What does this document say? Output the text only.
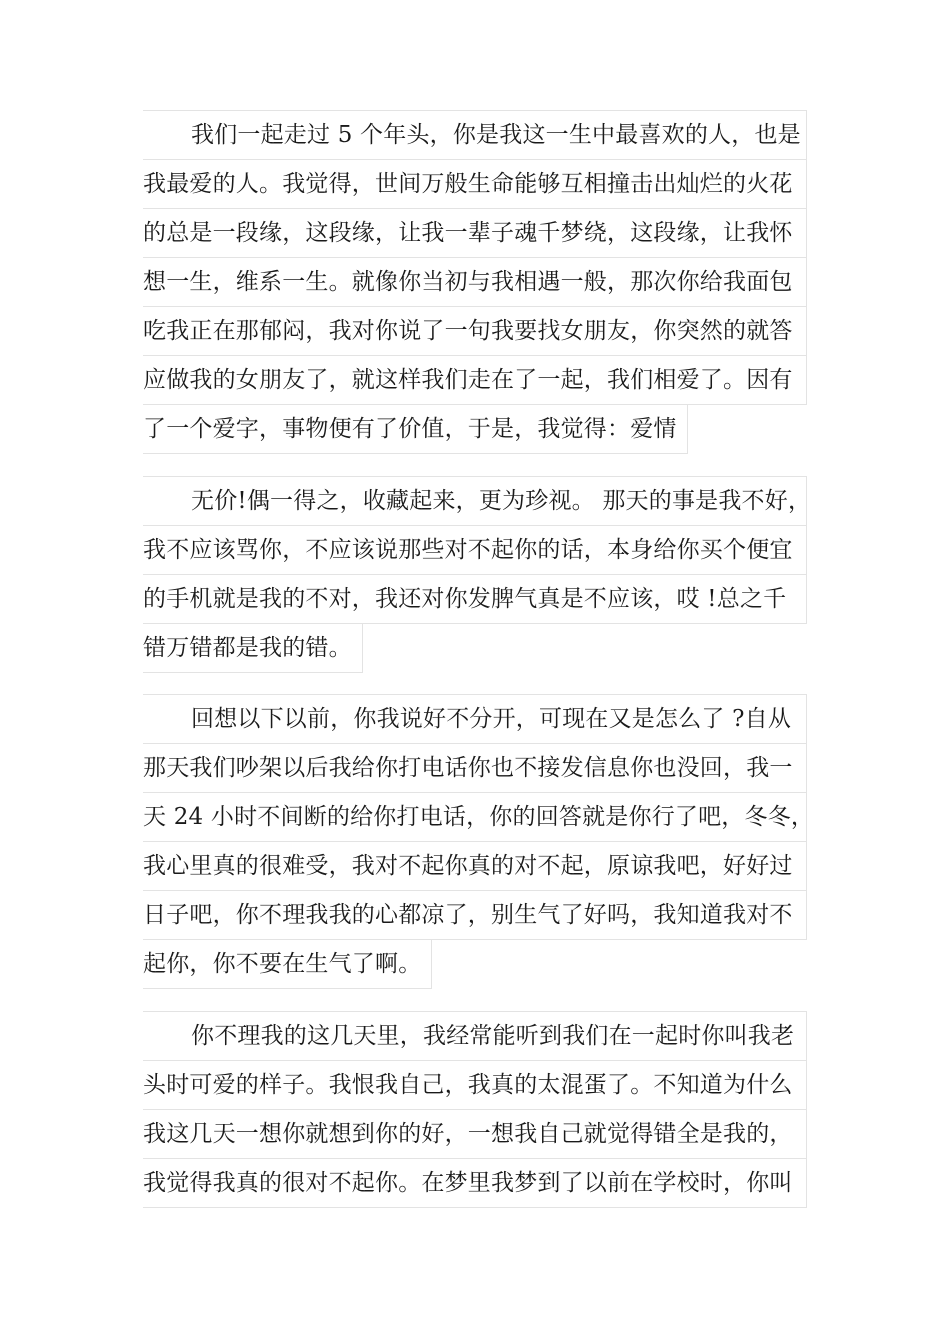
我们一起走过 5 个年头，你是我这一生中最喜欢的人，也是
我最爱的人。我觉得，世间万般生命能够互相撞击出灿烂的火花
的总是一段缘，这段缘，让我一辈子魂千梦绕，这段缘，让我怀
想一生，维系一生。就像你当初与我相遇一般，那次你给我面包
吃我正在那郁闷，我对你说了一句我要找女朋友，你突然的就答
应做我的女朋友了，就这样我们走在了一起，我们相爱了。因有
了一个爱字，事物便有了价值，于是，我觉得：爱情
无价!偶一得之，收藏起来，更为珍视。 那天的事是我不好，
我不应该骂你，不应该说那些对不起你的话，本身给你买个便宜
的手机就是我的不对，我还对你发脾气真是不应该，哎 !总之千
错万错都是我的错。
回想以下以前，你我说好不分开，可现在又是怎么了 ?自从
那天我们吵架以后我给你打电话你也不接发信息你也没回，我一
天 24 小时不间断的给你打电话，你的回答就是你行了吧，冬冬，
我心里真的很难受，我对不起你真的对不起，原谅我吧，好好过
日子吧，你不理我我的心都凉了，别生气了好吗，我知道我对不
起你，你不要在生气了啊。
你不理我的这几天里，我经常能听到我们在一起时你叫我老
头时可爱的样子。我恨我自己，我真的太混蛋了。不知道为什么
我这几天一想你就想到你的好，一想我自己就觉得错全是我的，
我觉得我真的很对不起你。在梦里我梦到了以前在学校时，你叫
